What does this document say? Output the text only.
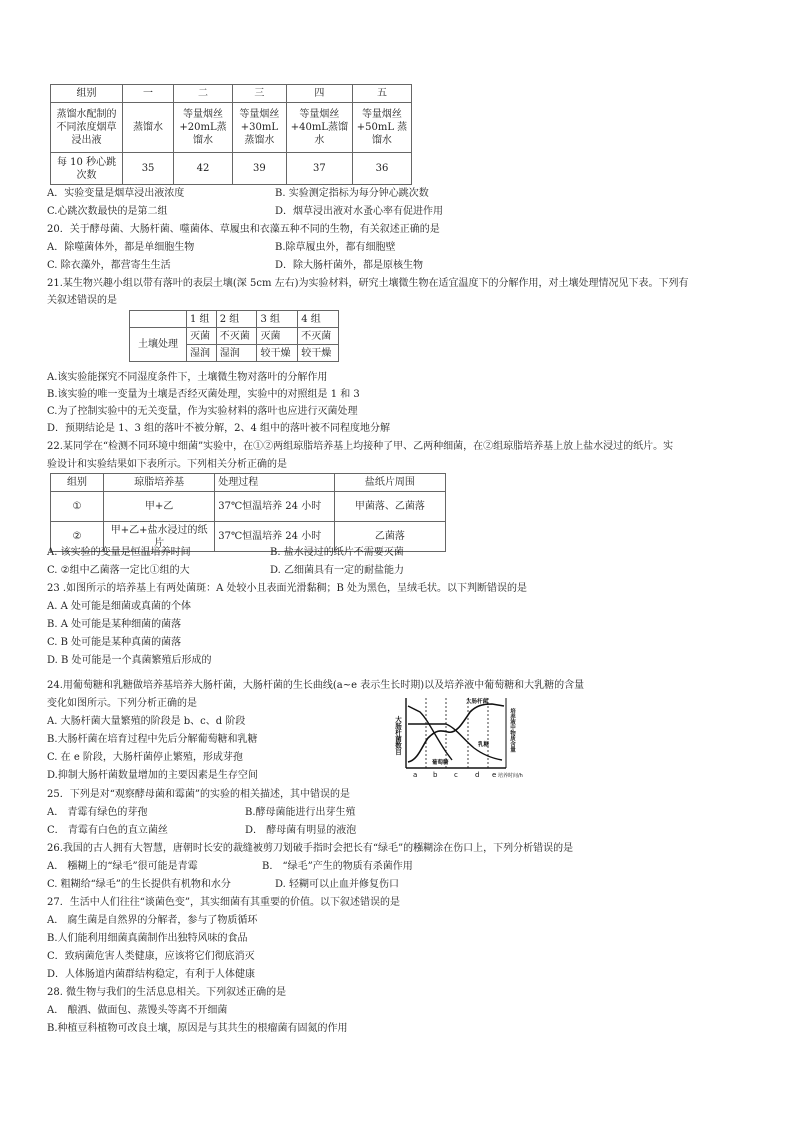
组别	一	二	三	四	五
蒸馏水配制的不同浓度烟草浸出液	蒸馏水	等量烟丝+20mL蒸馏水	等量烟丝+30mL蒸馏水	等量烟丝+40mL蒸馏水	等量烟丝+50mL 蒸馏水
每 10 秒心跳次数	35	42	39	37	36
A．实验变量是烟草浸出液浓度	B. 实验测定指标为每分钟心跳次数
C.心跳次数最快的是第二组	D．烟草浸出液对水蚤心率有促进作用
20．关于酵母菌、大肠杆菌、噬菌体、草履虫和衣藻五种不同的生物，有关叙述正确的是
A．除噬菌体外，都是单细胞生物	B.除草履虫外，都有细胞壁
C. 除衣藻外，都营寄生生活	D．除大肠杆菌外，都是原核生物
21.某生物兴趣小组以带有落叶的表层土壤(深 5cm 左右)为实验材料，研究土壤微生物在适宜温度下的分解作用，对土壤处理情况见下表。下列有
关叙述错误的是
	1 组	2 组	3 组	4 组
土壤处理	灭菌	不灭菌	灭菌	不灭菌
	湿润	湿润	较干燥	较干燥
A.该实验能探究不同湿度条件下，土壤微生物对落叶的分解作用
B.该实验的唯一变量为土壤是否经灭菌处理，实验中的对照组是 1 和 3
C.为了控制实验中的无关变量，作为实验材料的落叶也应进行灭菌处理
D．预期结论是 1、3 组的落叶不被分解，2、4 组中的落叶被不同程度地分解
22.某同学在“检测不同环境中细菌”实验中，在①②两组琼脂培养基上均接种了甲、乙两种细菌，在②组琼脂培养基上放上盐水浸过的纸片。实
验设计和实验结果如下表所示。下列相关分析正确的是
组别	琼脂培养基	处理过程	盐纸片周围
①	甲+乙	37℃恒温培养 24 小时	甲菌落、乙菌落
②	甲+乙+盐水浸过的纸片	37℃恒温培养 24 小时	乙菌落
A. 该实验的变量是恒温培养时间	B. 盐水浸过的纸片不需要灭菌
C. ②组中乙菌落一定比①组的大	D. 乙细菌具有一定的耐盐能力
23 .如图所示的培养基上有两处菌斑：A 处较小且表面光滑黏稠；B 处为黑色，呈绒毛状。以下判断错误的是
A. A 处可能是细菌或真菌的个体
B. A 处可能是某种细菌的菌落
C. B 处可能是某种真菌的菌落
D. B 处可能是一个真菌繁殖后形成的
24.用葡萄糖和乳糖做培养基培养大肠杆菌，大肠杆菌的生长曲线(a~e 表示生长时期)以及培养液中葡萄糖和大乳糖的含量
变化如图所示。下列分析正确的是
A. 大肠杆菌大量繁殖的阶段是 b、c、d 阶段
B.大肠杆菌在培育过程中先后分解葡萄糖和乳糖
C. 在 e 阶段，大肠杆菌停止繁殖，形成芽孢
D.抑制大肠杆菌数量增加的主要因素是生存空间
大肠杆菌数目
大肠杆菌
乳糖
葡萄糖
培养液中物质含量
a b c d e 培养时间/h
25．下列是对“观察酵母菌和霉菌”的实验的相关描述，其中错误的是
A． 青霉有绿色的芽孢	B.酵母菌能进行出芽生殖
C． 青霉有白色的直立菌丝	D． 酵母菌有明显的液泡
26.我国的古人拥有大智慧，唐朝时长安的裁缝被剪刀划破手指时会把长有“绿毛”的糨糊涂在伤口上，下列分析错误的是
A． 糨糊上的“绿毛”很可能是青霉	B． “绿毛”产生的物质有杀菌作用
C. 粗糊给“绿毛”的生长提供有机物和水分	D. 轻糊可以止血并修复伤口
27．生活中人们往往“谈菌色变”，其实细菌有其重要的价值。以下叙述错误的是
A． 腐生菌是自然界的分解者，参与了物质循环
B.人们能利用细菌真菌制作出独特风味的食品
C．致病菌危害人类健康，应该将它们彻底消灭
D．人体肠道内菌群结构稳定，有利于人体健康
28. 微生物与我们的生活息息相关。下列叙述正确的是
A． 酿酒、做面包、蒸馒头等离不开细菌
B.种植豆科植物可改良土壤，原因是与其共生的根瘤菌有固氮的作用
